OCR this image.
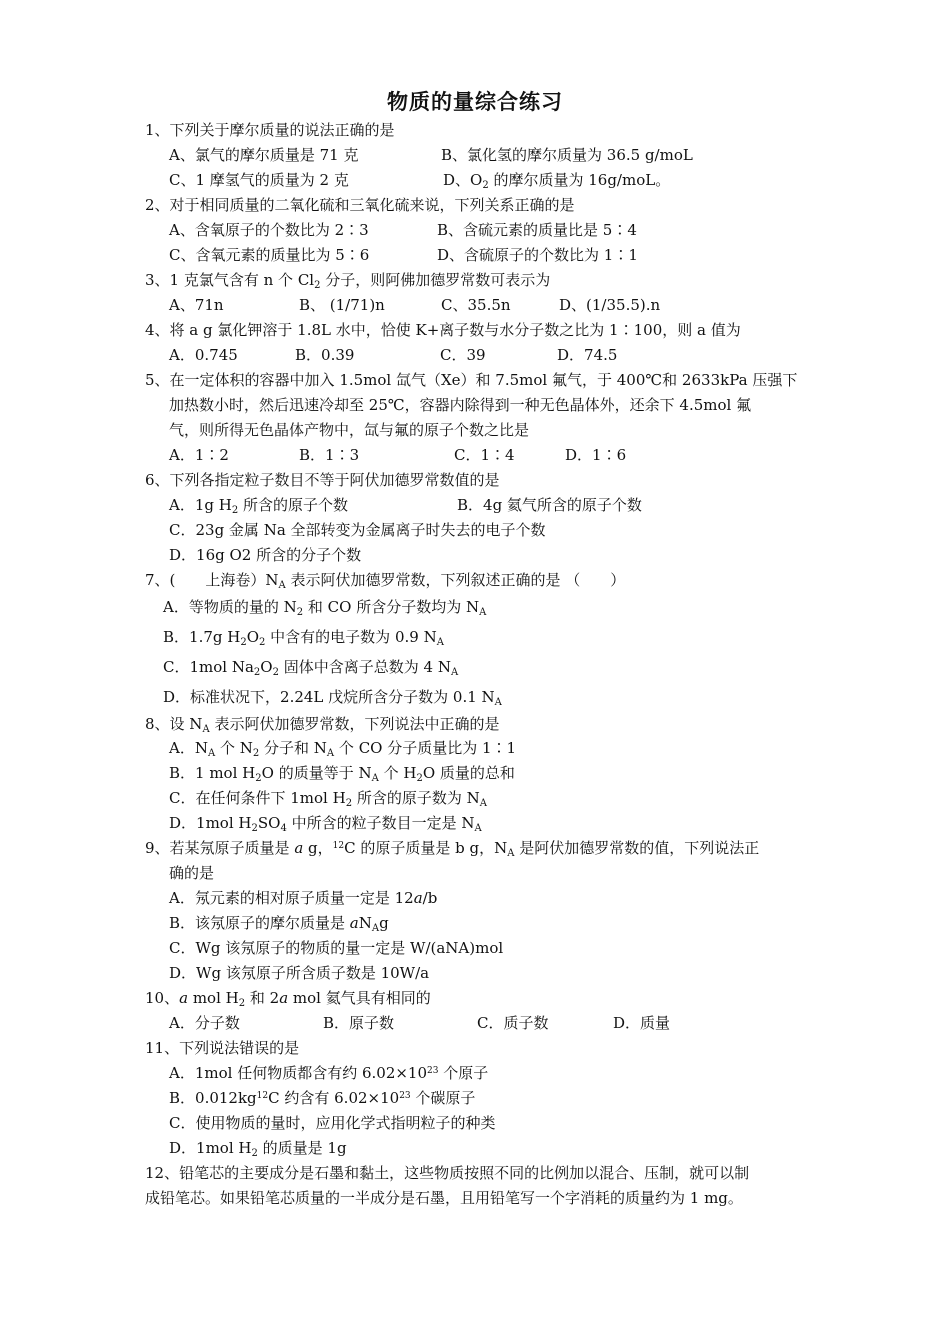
物质的量综合练习
1、下列关于摩尔质量的说法正确的是
A、氯气的摩尔质量是 71 克	B、氯化氢的摩尔质量为 36.5 g/moL
C、1 摩氢气的质量为 2 克	D、$O_2$ 的摩尔质量为 16g/moL。
2、对于相同质量的二氧化硫和三氧化硫来说，下列关系正确的是
A、含氧原子的个数比为 2∶3	B、含硫元素的质量比是 5∶4
C、含氧元素的质量比为 5∶6	D、含硫原子的个数比为 1∶1
3、1 克氯气含有 n 个 $Cl_2$ 分子，则阿佛加德罗常数可表示为
A、71n	B、 (1/71)n	C、35.5n	D、(1/35.5).n
4、将 a g 氯化钾溶于 1.8L 水中，恰使 K+离子数与水分子数之比为 1∶100，则 a 值为
A．0.745	B．0.39	C．39	D．74.5
5、在一定体积的容器中加入 1.5mol 氙气（Xe）和 7.5mol 氟气，于 400℃和 2633kPa 压强下
加热数小时，然后迅速冷却至 25℃，容器内除得到一种无色晶体外，还余下 4.5mol 氟
气，则所得无色晶体产物中，氙与氟的原子个数之比是
A．1∶2	B．1∶3	C．1∶4	D．1∶6
6、下列各指定粒子数目不等于阿伏加德罗常数值的是
A．1g $H_2$ 所含的原子个数	B．4g 氦气所含的原子个数
C．23g 金属 Na 全部转变为金属离子时失去的电子个数
D．16g O2 所含的分子个数
7、(　　上海卷）$N_A$ 表示阿伏加德罗常数，下列叙述正确的是 （　　）
A．等物质的量的 $N_2$ 和 CO 所含分子数均为 $N_A$
B．1.7g $H_2O_2$ 中含有的电子数为 0.9 $N_A$
C．1mol $Na_2O_2$ 固体中含离子总数为 4 $N_A$
D．标准状况下，2.24L 戊烷所含分子数为 0.1 $N_A$
8、设 $N_A$ 表示阿伏加德罗常数，下列说法中正确的是
A．$N_A$ 个 $N_2$ 分子和 $N_A$ 个 CO 分子质量比为 1∶1
B．1 mol $H_2O$ 的质量等于 $N_A$ 个 $H_2O$ 质量的总和
C．在任何条件下 1mol $H_2$ 所含的原子数为 $N_A$
D．1mol $H_2SO_4$ 中所含的粒子数目一定是 $N_A$
9、若某氖原子质量是 a g，$^{12}$C 的原子质量是 b g，$N_A$ 是阿伏加德罗常数的值，下列说法正
确的是
A．氖元素的相对原子质量一定是 12a/b
B．该氖原子的摩尔质量是 $aN_Ag$
C．Wg 该氖原子的物质的量一定是 W/(aNA)mol
D．Wg 该氖原子所含质子数是 10W/a
10、a mol $H_2$ 和 2a mol 氦气具有相同的
A．分子数	B．原子数	C．质子数	D．质量
11、下列说法错误的是
A．1mol 任何物质都含有约 $6.02\times 10^{23}$ 个原子
B．$0.012kg^{12}C$ 约含有 $6.02\times 10^{23}$ 个碳原子
C．使用物质的量时，应用化学式指明粒子的种类
D．1mol $H_2$ 的质量是 1g
12、铅笔芯的主要成分是石墨和黏土，这些物质按照不同的比例加以混合、压制，就可以制
成铅笔芯。如果铅笔芯质量的一半成分是石墨，且用铅笔写一个字消耗的质量约为 1 mg。
